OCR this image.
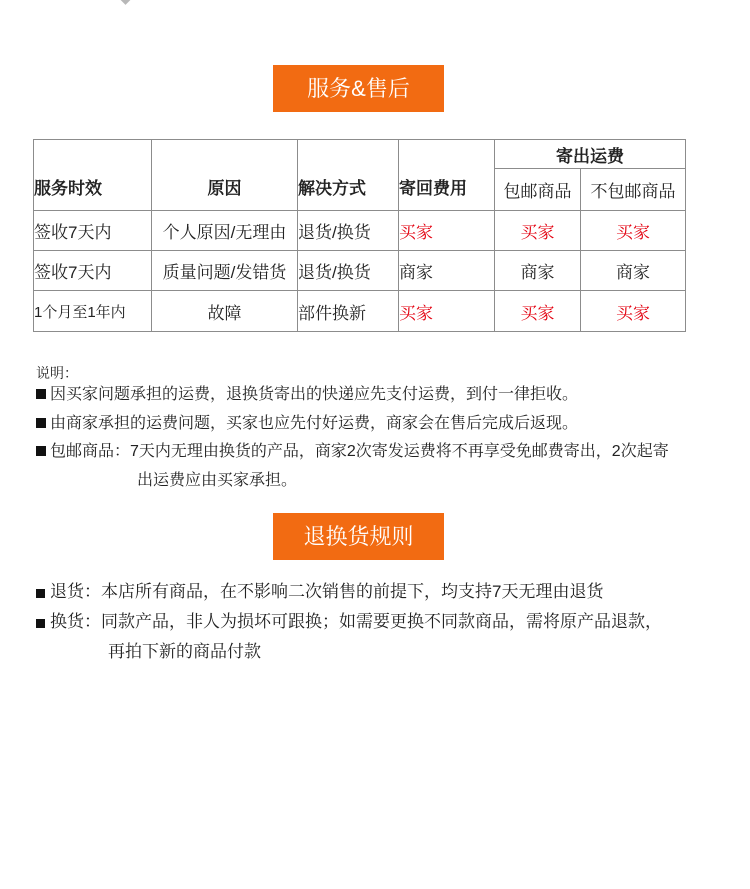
服务&售后
服务时效	原因	解决方式	寄回费用	寄出运费	
				包邮商品	不包邮商品
签收7天内	个人原因/无理由	退货/换货	买家	买家	买家
签收7天内	质量问题/发错货	退货/换货	商家	商家	商家
1个月至1年内	故障	部件换新	买家	买家	买家
说明：
因买家问题承担的运费，退换货寄出的快递应先支付运费，到付一律拒收。
由商家承担的运费问题，买家也应先付好运费，商家会在售后完成后返现。
包邮商品：7天内无理由换货的产品，商家2次寄发运费将不再享受免邮费寄出，2次起寄
出运费应由买家承担。
退换货规则
退货：本店所有商品，在不影响二次销售的前提下，均支持7天无理由退货
换货：同款产品，非人为损坏可跟换；如需要更换不同款商品，需将原产品退款，
再拍下新的商品付款
